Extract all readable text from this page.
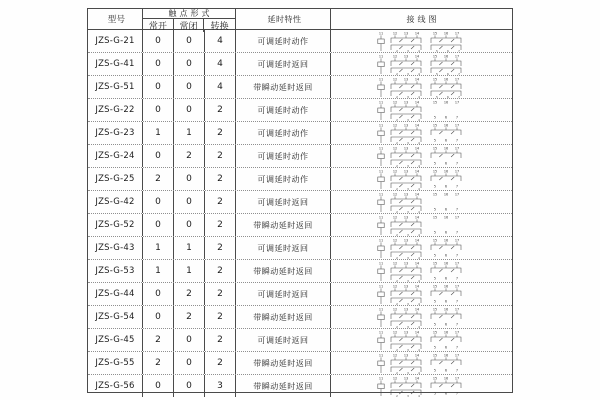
型号
触点形式
常开	常闭	转换
延时特性	接线图
JZS-G-21	0	0	4	可调延时动作
11	12 13 14	15 16 17
2	3	4	5	6	7
JZS-G-41	0	0	4	可调延时返回
11	12 13 14	15 16 17
2	3	4	5	6	7
JZS-G-51	0	0	4	带瞬动延时返回
11	12 13 14	15 16 17
2	3	4	5	6	7
JZS-G-22	0	0	2	可调延时动作
11	12 13 14	15 16 17
2	3	4
5	6	7
JZS-G-23	1	1	2	可调延时动作
11	12 13 14	15 16 17
2	3	4
5	6	7
JZS-G-24	0	2	2	可调延时动作
11	12 13 14	15 16 17
2	3	4
5	6	7
JZS-G-25	2	0	2	可调延时动作
11	12 13 14	15 16 17
2	3	4
5	6	7
JZS-G-42	0	0	2	可调延时返回
11	12 13 14	15 16 17
2	3	4
5	6	7
JZS-G-52	0	0	2	带瞬动延时返回
11	12 13 14	15 16 17
2	3	4
5	6	7
JZS-G-43	1	1	2	可调延时返回
11	12 13 14	15 16 17
2	3	4
5	6	7
JZS-G-53	1	1	2	带瞬动延时返回
11	12 13 14	15 16 17
2	3	4
5	6	7
JZS-G-44	0	2	2	可调延时返回
11	12 13 14	15 16 17
2	3	4
5	6	7
JZS-G-54	0	2	2	带瞬动延时返回
11	12 13 14	15 16 17
2	3	4
5	6	7
JZS-G-45	2	0	2	可调延时返回
11	12 13 14	15 16 17
2	3	4
5	6	7
JZS-G-55	2	0	2	带瞬动延时返回
11	12 13 14	15 16 17
2	3	4
5	6	7
JZS-G-56	0	0	3	带瞬动延时返回
11	12 13 14	15 16 17
2	3	4
5	6	7
